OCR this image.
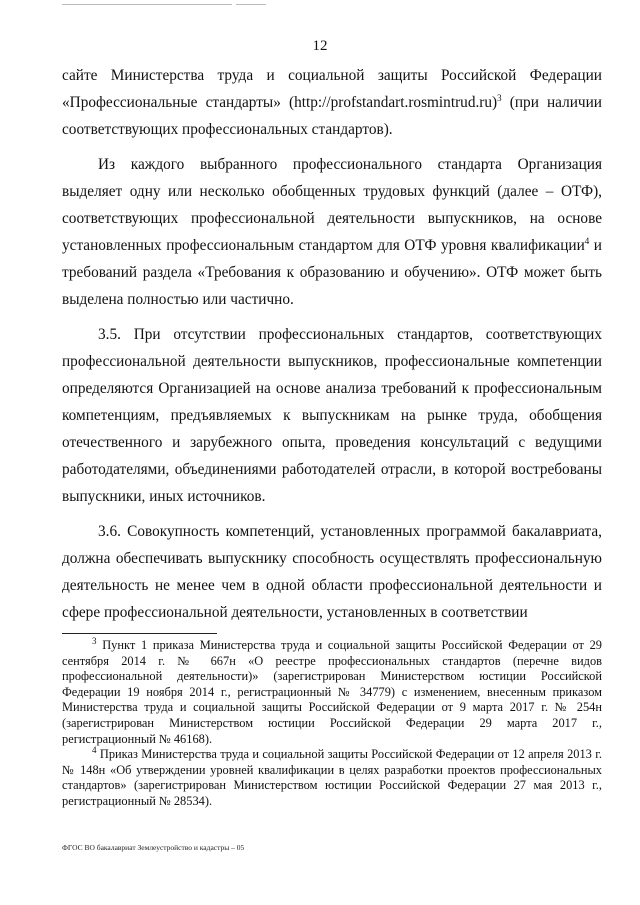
12

сайте Министерства труда и социальной защиты Российской Федерации «Профессиональные стандарты» (http://profstandart.rosmintrud.ru)$^3$ (при наличии соответствующих профессиональных стандартов).

Из каждого выбранного профессионального стандарта Организация выделяет одну или несколько обобщенных трудовых функций (далее – ОТФ), соответствующих профессиональной деятельности выпускников, на основе установленных профессиональным стандартом для ОТФ уровня квалификации$^4$ и требований раздела «Требования к образованию и обучению». ОТФ может быть выделена полностью или частично.

3.5. При отсутствии профессиональных стандартов, соответствующих профессиональной деятельности выпускников, профессиональные компетенции определяются Организацией на основе анализа требований к профессиональным компетенциям, предъявляемых к выпускникам на рынке труда, обобщения отечественного и зарубежного опыта, проведения консультаций с ведущими работодателями, объединениями работодателей отрасли, в которой востребованы выпускники, иных источников.

3.6. Совокупность компетенций, установленных программой бакалавриата, должна обеспечивать выпускнику способность осуществлять профессиональную деятельность не менее чем в одной области профессиональной деятельности и сфере профессиональной деятельности, установленных в соответствии

$^3$ Пункт 1 приказа Министерства труда и социальной защиты Российской Федерации от 29 сентября 2014 г. № 667н «О реестре профессиональных стандартов (перечне видов профессиональной деятельности)» (зарегистрирован Министерством юстиции Российской Федерации 19 ноября 2014 г., регистрационный № 34779) с изменением, внесенным приказом Министерства труда и социальной защиты Российской Федерации от 9 марта 2017 г. № 254н (зарегистрирован Министерством юстиции Российской Федерации 29 марта 2017 г., регистрационный № 46168).

$^4$ Приказ Министерства труда и социальной защиты Российской Федерации от 12 апреля 2013 г. № 148н «Об утверждении уровней квалификации в целях разработки проектов профессиональных стандартов» (зарегистрирован Министерством юстиции Российской Федерации 27 мая 2013 г., регистрационный № 28534).

ФГОС ВО бакалавриат Землеустройство и кадастры – 05
